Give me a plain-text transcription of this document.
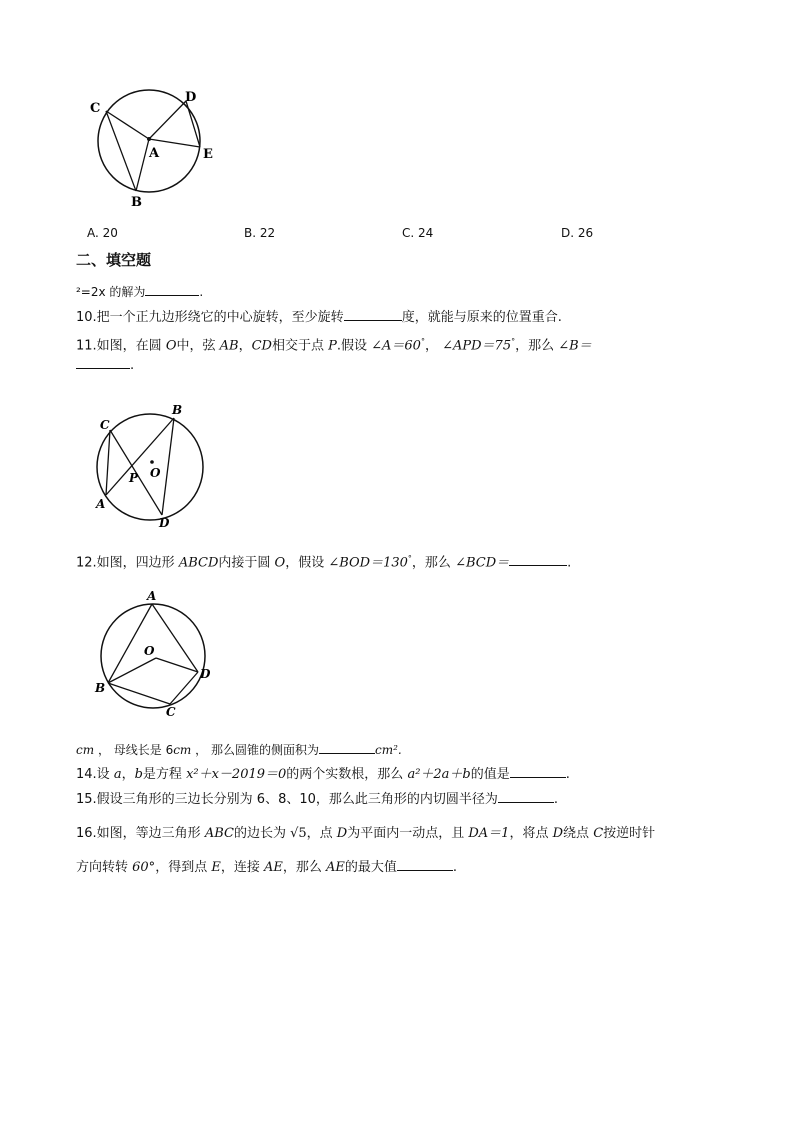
C
D
A	E
B
A. 20	B. 22	C. 24	D. 26
二、填空题
²=2x 的解为	.
10.把一个正九边形绕它的中心旋转，至少旋转	度，就能与原来的位置重合.
11.如图，在圆 O中，弦 AB，CD相交于点 P.假设 ∠A＝60°， ∠APD＝75°，那么 ∠B＝
.
B
C
O
P
A
D
12.如图，四边形 ABCD内接于圆 O，假设 ∠BOD＝130°，那么 ∠BCD＝	.
A
O
B
D
C
cm ， 母线长是 6cm ， 那么圆锥的侧面积为	cm².
14.设 a，b是方程 x²＋x－2019＝0的两个实数根，那么 a²＋2a＋b的值是	.
15.假设三角形的三边长分别为 6、8、10，那么此三角形的内切圆半径为	.
16.如图，等边三角形 ABC的边长为 √5，点 D为平面内一动点，且 DA＝1，将点 D绕点 C按逆时针
方向转转 60°，得到点 E，连接 AE，那么 AE的最大值	.
